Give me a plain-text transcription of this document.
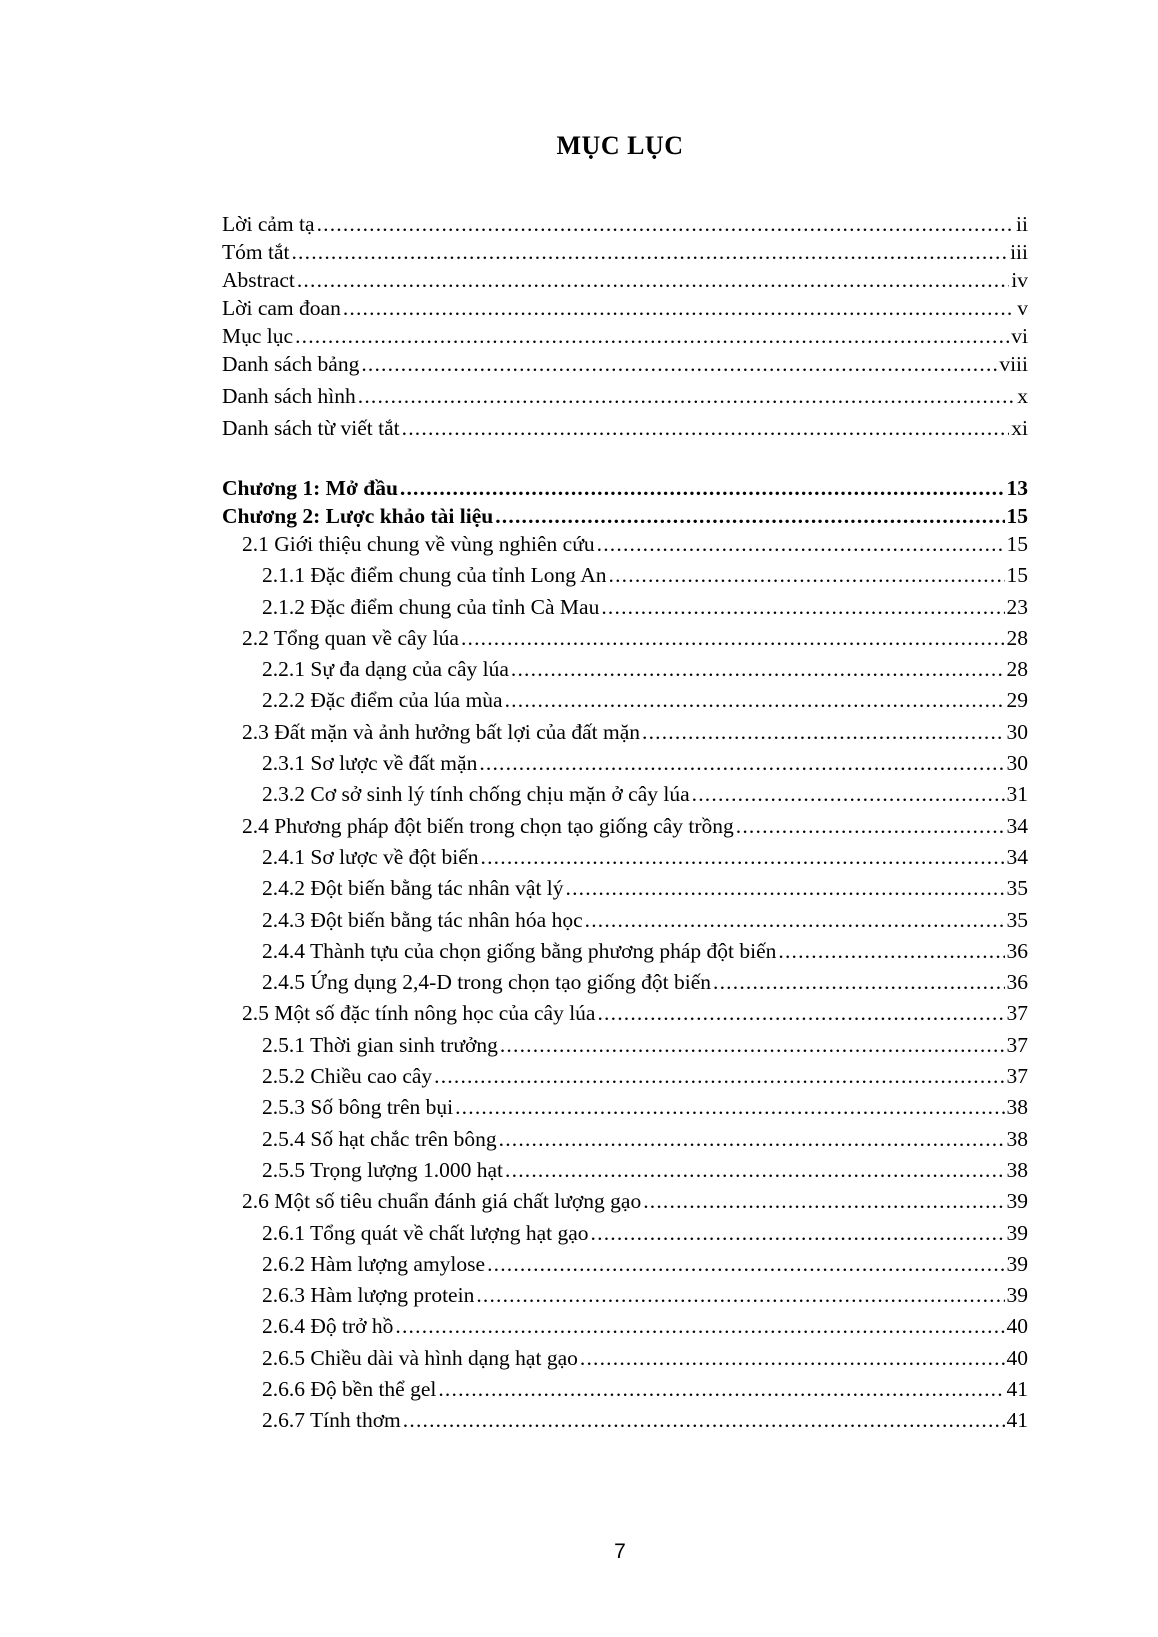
MỤC LỤC
Lời cảm tạ .....	ii
Tóm tắt .....	iii
Abstract .....	iv
Lời cam đoan .....	v
Mục lục .....	vi
Danh sách bảng .....	viii
Danh sách hình .....	x
Danh sách từ viết tắt .....	xi
Chương 1: Mở đầu .....	13
Chương 2: Lược khảo tài liệu .....	15
2.1 Giới thiệu chung về vùng nghiên cứu .....	15
2.1.1 Đặc điểm chung của tỉnh Long An .....	15
2.1.2 Đặc điểm chung của tỉnh Cà Mau .....	23
2.2 Tổng quan về cây lúa .....	28
2.2.1 Sự đa dạng của cây lúa .....	28
2.2.2 Đặc điểm của lúa mùa .....	29
2.3 Đất mặn và ảnh hưởng bất lợi của đất mặn .....	30
2.3.1 Sơ lược về đất mặn .....	30
2.3.2 Cơ sở sinh lý tính chống chịu mặn ở cây lúa .....	31
2.4 Phương pháp đột biến trong chọn tạo giống cây trồng .....	34
2.4.1 Sơ lược về đột biến .....	34
2.4.2 Đột biến bằng tác nhân vật lý .....	35
2.4.3 Đột biến bằng tác nhân hóa học .....	35
2.4.4 Thành tựu của chọn giống bằng phương pháp đột biến .....	36
2.4.5 Ứng dụng 2,4-D trong chọn tạo giống đột biến .....	36
2.5 Một số đặc tính nông học của cây lúa .....	37
2.5.1 Thời gian sinh trưởng .....	37
2.5.2 Chiều cao cây .....	37
2.5.3 Số bông trên bụi .....	38
2.5.4 Số hạt chắc trên bông .....	38
2.5.5 Trọng lượng 1.000 hạt .....	38
2.6 Một số tiêu chuẩn đánh giá chất lượng gạo .....	39
2.6.1 Tổng quát về chất lượng hạt gạo .....	39
2.6.2 Hàm lượng amylose .....	39
2.6.3 Hàm lượng protein .....	39
2.6.4 Độ trở hồ .....	40
2.6.5 Chiều dài và hình dạng hạt gạo .....	40
2.6.6 Độ bền thể gel .....	41
2.6.7 Tính thơm .....	41
7
